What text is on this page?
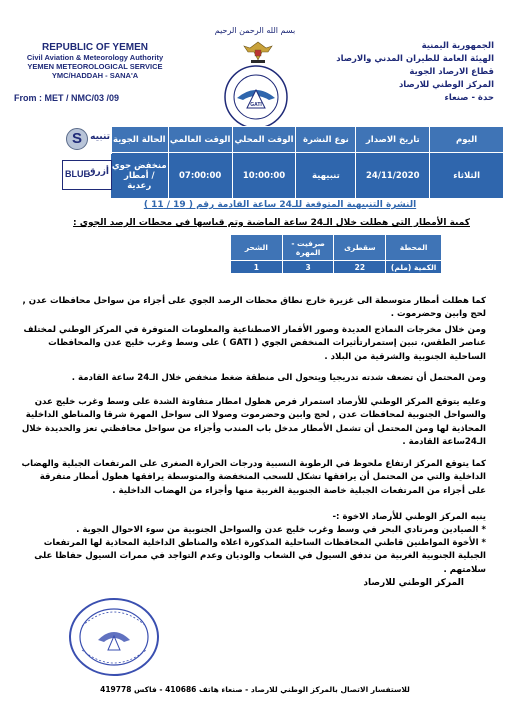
REPUBLIC OF YEMEN
Civil Aviation & Meteorology Authority
YEMEN METEOROLOGICAL SERVICE
YMC/HADDAH - SANA'A
From : MET / NMC/03 /09
بسم الله الرحمن الرحيم
GATI
الجمهورية اليمنية
الهيئة العامة للطيران المدني والارصاد
قطاع الارصاد الجوية
المركز الوطني للارصاد
حدة - صنعاء
اليوم	تاريخ الاصدار	نوع النشرة	الوقت المحلي	الوقت العالمي	الحالة الجوية	
الثلاثاء	24/11/2020	تنبيهية	10:00:00	07:00:00	منخفض جوي / أمطار رعدية	
S تنبيه
BLUE
أزرق
النشرة التنبيهية المتوقعة للـ24 ساعة القادمة رقم ( 19 / 11 )
كمية الأمطار التي هطلت خلال الـ24 ساعة الماضية وتم قياسها في محطات الرصد الجوي :
المحطة	سقطرى	صرفيت - المهرة	الشحر
الكمية (ملم)	22	3	1
كما هطلت أمطار متوسطة الى غزيرة خارج نطاق محطات الرصد الجوي على أجزاء من سواحل محافظات عدن , لحج وابين وحضرموت .
ومن خلال مخرجات النماذج العديدة وصور الأقمار الاصطناعية والمعلومات المتوفرة في المركز الوطني لمختلف عناصر الطقس، تبين إستمرارتأثيرات المنخفض الجوي ( GATI ) على وسط وغرب خليج عدن والمحافظات الساحلية الجنوبية والشرقية من البلاد .
ومن المحتمل أن تضعف شدته تدريجيا ويتحول الى منطقة ضغط منخفض خلال الـ24 ساعة القادمة .
وعليه يتوقع المركز الوطني للأرصاد استمرار فرص هطول امطار متفاوتة الشدة على وسط وغرب خليج عدن والسواحل الجنوبية لمحافظات عدن , لحج وابين وحضرموت وصولا الى سواحل المهرة شرقا والمناطق الداخلية المحاذية لها ومن المحتمل أن تشمل الأمطار مدخل باب المندب وأجزاء من سواحل محافظتي تعز والحديدة خلال الـ24ساعة القادمة .
كما يتوقع المركز ارتفاع ملحوظ في الرطوبة النسبية ودرجات الحرارة الصغرى على المرتفعات الجبلية والهضاب الداخلية والتي من المحتمل أن يرافقها تشكل للسحب المنخفضة والمتوسطة يرافقها هطول أمطار متفرقة على أجزاء من المرتفعات الجبلية خاصة الجنوبية الغربية منها وأجزاء من الهضاب الداخلية .
ينبه المركز الوطني للأرصاد الاخوة :-
* الصيادين ومرتادي البحر في وسط وغرب خليج عدن والسواحل الجنوبية من سوء الاحوال الجوية .
* الأخوة المواطنين قاطني المحافظات الساحلية المذكورة اعلاه والمناطق الداخلية المحاذية لها المرتفعات الجبلية الجنوبية الغربية من تدفق السيول في الشعاب والوديان وعدم التواجد في ممرات السيول حفاظا على سلامتهم .
المركز الوطني للارصاد
للاستفسار الاتصال بالمركز الوطني للارصاد - صنعاء هاتف 410686 - فاكس 419778
